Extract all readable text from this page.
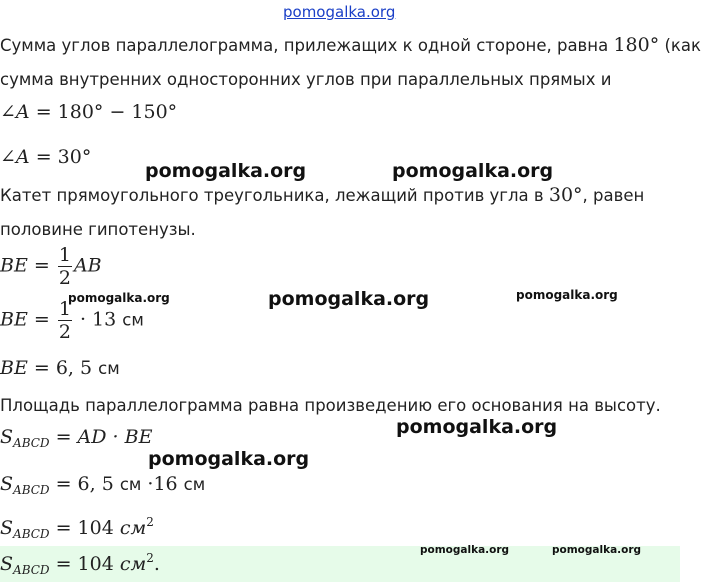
pomogalka.org
Сумма углов параллелограмма, прилежащих к одной стороне, равна 180° (как
сумма внутренних односторонних углов при параллельных прямых и
∠A = 180° − 150°
∠A = 30°
Катет прямоугольного треугольника, лежащий против угла в 30°, равен
половине гипотенузы.
BE = $\frac{1}{2}$ AB
BE = $\frac{1}{2} \cdot 13$ см
BE = 6, 5 см
Площадь параллелограмма равна произведению его основания на высоту.
$S_{ABCD}$ = AD · BE
$S_{ABCD} = 6$, 5 см ·16 см
$S_{ABCD} = 104$ $см^2$
$S_{ABCD} = 104$ $см^2$.
pomogalka.org	pomogalka.org
pomogalka.org	pomogalka.org	pomogalka.org
pomogalka.org
pomogalka.org
pomogalka.org	pomogalka.org
